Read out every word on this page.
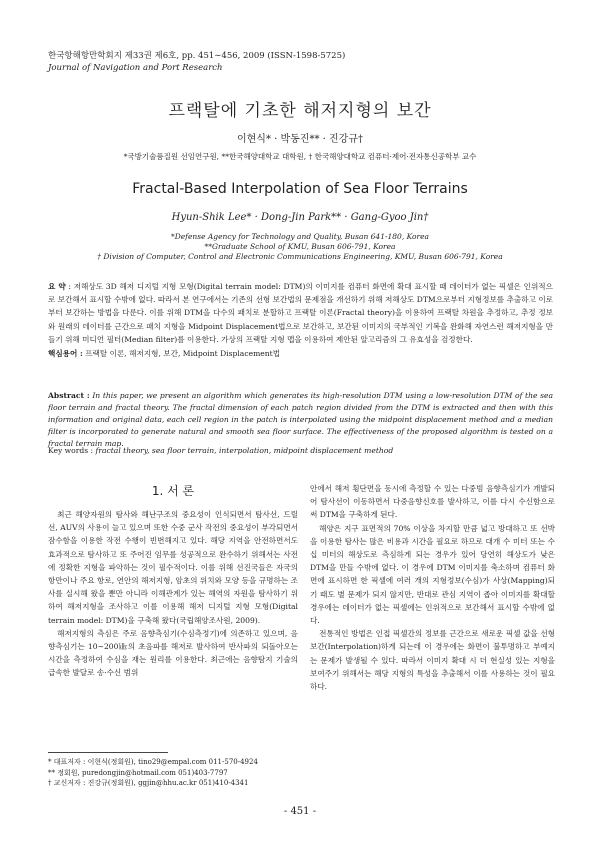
한국항해항만학회지 제33권 제6호, pp. 451∼456, 2009 (ISSN-1598-5725)
Journal of Navigation and Port Research
프랙탈에 기초한 해저지형의 보간
이현식* · 박동진** · 진강규†
*국방기술품질원 선임연구원, **한국해양대학교 대학원, † 한국해양대학교 컴퓨터·제어·전자통신공학부 교수
Fractal-Based Interpolation of Sea Floor Terrains
Hyun-Shik Lee* · Dong-Jin Park** · Gang-Gyoo Jin†
*Defense Agency for Technology and Quality, Busan 641-180, Korea
**Graduate School of KMU, Busan 606-791, Korea
† Division of Computer, Control and Electronic Communications Engineering, KMU, Busan 606-791, Korea
요 약 : 저해상도 3D 해저 디지털 지형 모형(Digital terrain model: DTM)의 이미지를 컴퓨터 화면에 확대 표시할 때 데이터가 없는 픽셀은 인위적으로 보간해서 표시할 수밖에 없다. 따라서 본 연구에서는 기존의 선형 보간법의 문제점을 개선하기 위해 저해상도 DTM으로부터 지형정보를 추출하고 이로부터 보간하는 방법을 다룬다. 이를 위해 DTM을 다수의 패치로 분할하고 프랙탈 이론(Fractal theory)을 이용하여 프랙탈 차원을 추정하고, 추정 정보와 원래의 데이터를 근간으로 패치 지형을 Midpoint Displacement법으로 보간하고, 보간된 이미지의 국부적인 기복을 완화해 자연스런 해저지형을 만들기 위해 미디언 필터(Median filter)를 이용한다. 가상의 프랙탈 지형 맵을 이용하여 제안된 알고리즘의 그 유효성을 검정한다.
핵심용어 : 프랙탈 이론, 해저지형, 보간, Midpoint Displacement법
Abstract : In this paper, we present an algorithm which generates its high-resolution DTM using a low-resolution DTM of the sea floor terrain and fractal theory. The fractal dimension of each patch region divided from the DTM is extracted and then with this information and original data, each cell region in the patch is interpolated using the midpoint displacement method and a median filter is incorporated to generate natural and smooth sea floor surface. The effectiveness of the proposed algorithm is tested on a fractal terrain map.
Key words : fractal theory, sea floor terrain, interpolation, midpoint displacement method
1. 서 론
최근 해양자원의 탐사와 해난구조의 중요성이 인식되면서 탐사선, 드릴선, AUV의 사용이 늘고 있으며 또한 수중 군사 작전의 중요성이 부각되면서 잠수함을 이용한 작전 수행이 빈번해지고 있다. 해당 지역을 안전하면서도 효과적으로 탐사하고 또 주어진 임무를 성공적으로 완수하기 위해서는 사전에 정확한 지형을 파악하는 것이 필수적이다. 이를 위해 선진국들은 자국의 항만이나 주요 항로, 연안의 해저지형, 암초의 위치와 모양 등을 규명하는 조사를 실시해 왔을 뿐만 아니라 이해관계가 있는 해역의 자원을 탐사하기 위하여 해저지형을 조사하고 이를 이용해 해저 디지털 지형 모형(Digital terrain model: DTM)을 구축해 왔다(국립해양조사원, 2009).
해저지형의 측심은 주로 음향측심기(수심측정기)에 의존하고 있으며, 음향측심기는 10∼200㎑의 초음파를 해저로 발사하여 반사파의 되돌아오는 시간을 측정하여 수심을 재는 원리를 이용한다. 최근에는 음향탐지 기술의 급속한 발달로 송·수신 범위
안에서 해저 횡단면을 동시에 측정할 수 있는 다중빔 음향측심기가 개발되어 탐사선이 이동하면서 다중음향신호를 발사하고, 이를 다시 수신함으로써 DTM을 구축하게 된다.
해양은 지구 표면적의 70% 이상을 차지할 만큼 넓고 방대하고 또 선박을 이용한 탐사는 많은 비용과 시간을 필요로 하므로 대개 수 미터 또는 수 십 미터의 해상도로 측심하게 되는 경우가 있어 당연히 해상도가 낮은 DTM을 만들 수밖에 없다. 이 경우에 DTM 이미지를 축소하며 컴퓨터 화면에 표시하면 한 픽셀에 여러 개의 지형정보(수심)가 사상(Mapping)되기 때도 별 문제가 되지 않지만, 반대로 관심 지역이 좁아 이미지를 확대할 경우에는 데이터가 없는 픽셀에는 인위적으로 보간해서 표시할 수밖에 없다.
전통적인 방법은 인접 픽셀간의 정보를 근간으로 새로운 픽셀 값을 선형 보간(Interpolation)하게 되는데 이 경우에는 화면이 불투명하고 부예지는 문제가 발생될 수 있다. 따라서 이미지 확대 시 더 현실성 있는 지형을 보여주기 위해서는 해당 지형의 특성을 추출해서 이를 사용하는 것이 필요하다.
* 대표저자 : 이현식(정회원), tino29@empal.com 011-570-4924
** 정회원, puredongjin@hotmail.com 051)403-7797
† 교신저자 : 진강규(정회원), ggjin@hhu.ac.kr 051)410-4341
- 451 -
